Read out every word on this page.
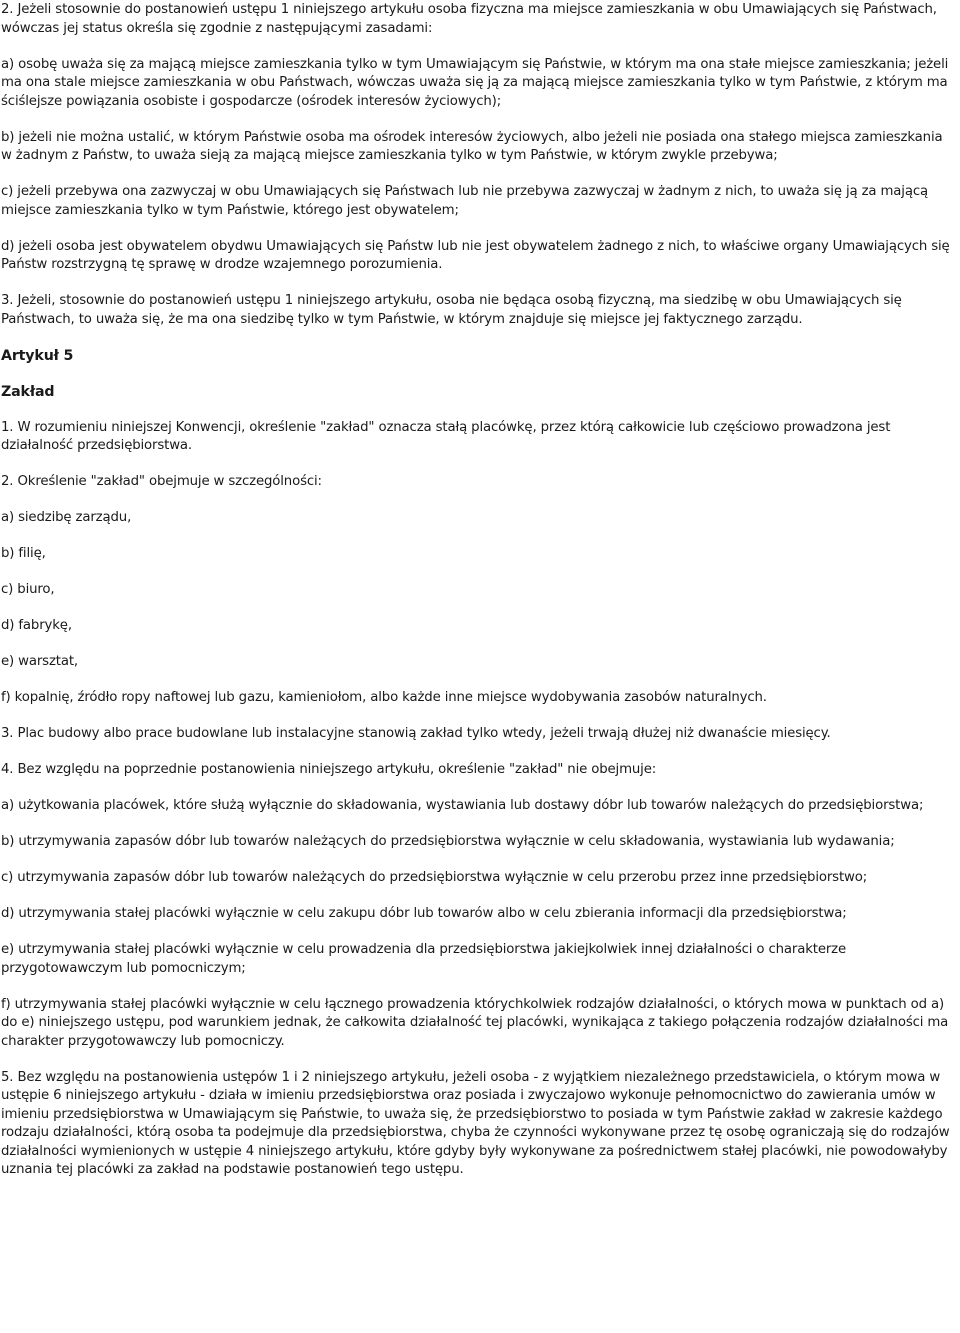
2. Jeżeli stosownie do postanowień ustępu 1 niniejszego artykułu osoba fizyczna ma miejsce zamieszkania w obu Umawiających się Państwach, wówczas jej status określa się zgodnie z następującymi zasadami:

a) osobę uważa się za mającą miejsce zamieszkania tylko w tym Umawiającym się Państwie, w którym ma ona stałe miejsce zamieszkania; jeżeli ma ona stale miejsce zamieszkania w obu Państwach, wówczas uważa się ją za mającą miejsce zamieszkania tylko w tym Państwie, z którym ma ściślejsze powiązania osobiste i gospodarcze (ośrodek interesów życiowych);

b) jeżeli nie można ustalić, w którym Państwie osoba ma ośrodek interesów życiowych, albo jeżeli nie posiada ona stałego miejsca zamieszkania w żadnym z Państw, to uważa sieją za mającą miejsce zamieszkania tylko w tym Państwie, w którym zwykle przebywa;

c) jeżeli przebywa ona zazwyczaj w obu Umawiających się Państwach lub nie przebywa zazwyczaj w żadnym z nich, to uważa się ją za mającą miejsce zamieszkania tylko w tym Państwie, którego jest obywatelem;

d) jeżeli osoba jest obywatelem obydwu Umawiających się Państw lub nie jest obywatelem żadnego z nich, to właściwe organy Umawiających się Państw rozstrzygną tę sprawę w drodze wzajemnego porozumienia.

3. Jeżeli, stosownie do postanowień ustępu 1 niniejszego artykułu, osoba nie będąca osobą fizyczną, ma siedzibę w obu Umawiających się Państwach, to uważa się, że ma ona siedzibę tylko w tym Państwie, w którym znajduje się miejsce jej faktycznego zarządu.

Artykuł 5
Zakład

1. W rozumieniu niniejszej Konwencji, określenie "zakład" oznacza stałą placówkę, przez którą całkowicie lub częściowo prowadzona jest działalność przedsiębiorstwa.

2. Określenie "zakład" obejmuje w szczególności:

a) siedzibę zarządu,

b) filię,

c) biuro,

d) fabrykę,

e) warsztat,

f) kopalnię, źródło ropy naftowej lub gazu, kamieniołom, albo każde inne miejsce wydobywania zasobów naturalnych.

3. Plac budowy albo prace budowlane lub instalacyjne stanowią zakład tylko wtedy, jeżeli trwają dłużej niż dwanaście miesięcy.

4. Bez względu na poprzednie postanowienia niniejszego artykułu, określenie "zakład" nie obejmuje:

a) użytkowania placówek, które służą wyłącznie do składowania, wystawiania lub dostawy dóbr lub towarów należących do przedsiębiorstwa;

b) utrzymywania zapasów dóbr lub towarów należących do przedsiębiorstwa wyłącznie w celu składowania, wystawiania lub wydawania;

c) utrzymywania zapasów dóbr lub towarów należących do przedsiębiorstwa wyłącznie w celu przerobu przez inne przedsiębiorstwo;

d) utrzymywania stałej placówki wyłącznie w celu zakupu dóbr lub towarów albo w celu zbierania informacji dla przedsiębiorstwa;

e) utrzymywania stałej placówki wyłącznie w celu prowadzenia dla przedsiębiorstwa jakiejkolwiek innej działalności o charakterze przygotowawczym lub pomocniczym;

f) utrzymywania stałej placówki wyłącznie w celu łącznego prowadzenia którychkolwiek rodzajów działalności, o których mowa w punktach od a) do e) niniejszego ustępu, pod warunkiem jednak, że całkowita działalność tej placówki, wynikająca z takiego połączenia rodzajów działalności ma charakter przygotowawczy lub pomocniczy.

5. Bez względu na postanowienia ustępów 1 i 2 niniejszego artykułu, jeżeli osoba - z wyjątkiem niezależnego przedstawiciela, o którym mowa w ustępie 6 niniejszego artykułu - działa w imieniu przedsiębiorstwa oraz posiada i zwyczajowo wykonuje pełnomocnictwo do zawierania umów w imieniu przedsiębiorstwa w Umawiającym się Państwie, to uważa się, że przedsiębiorstwo to posiada w tym Państwie zakład w zakresie każdego rodzaju działalności, którą osoba ta podejmuje dla przedsiębiorstwa, chyba że czynności wykonywane przez tę osobę ograniczają się do rodzajów działalności wymienionych w ustępie 4 niniejszego artykułu, które gdyby były wykonywane za pośrednictwem stałej placówki, nie powodowałyby uznania tej placówki za zakład na podstawie postanowień tego ustępu.
